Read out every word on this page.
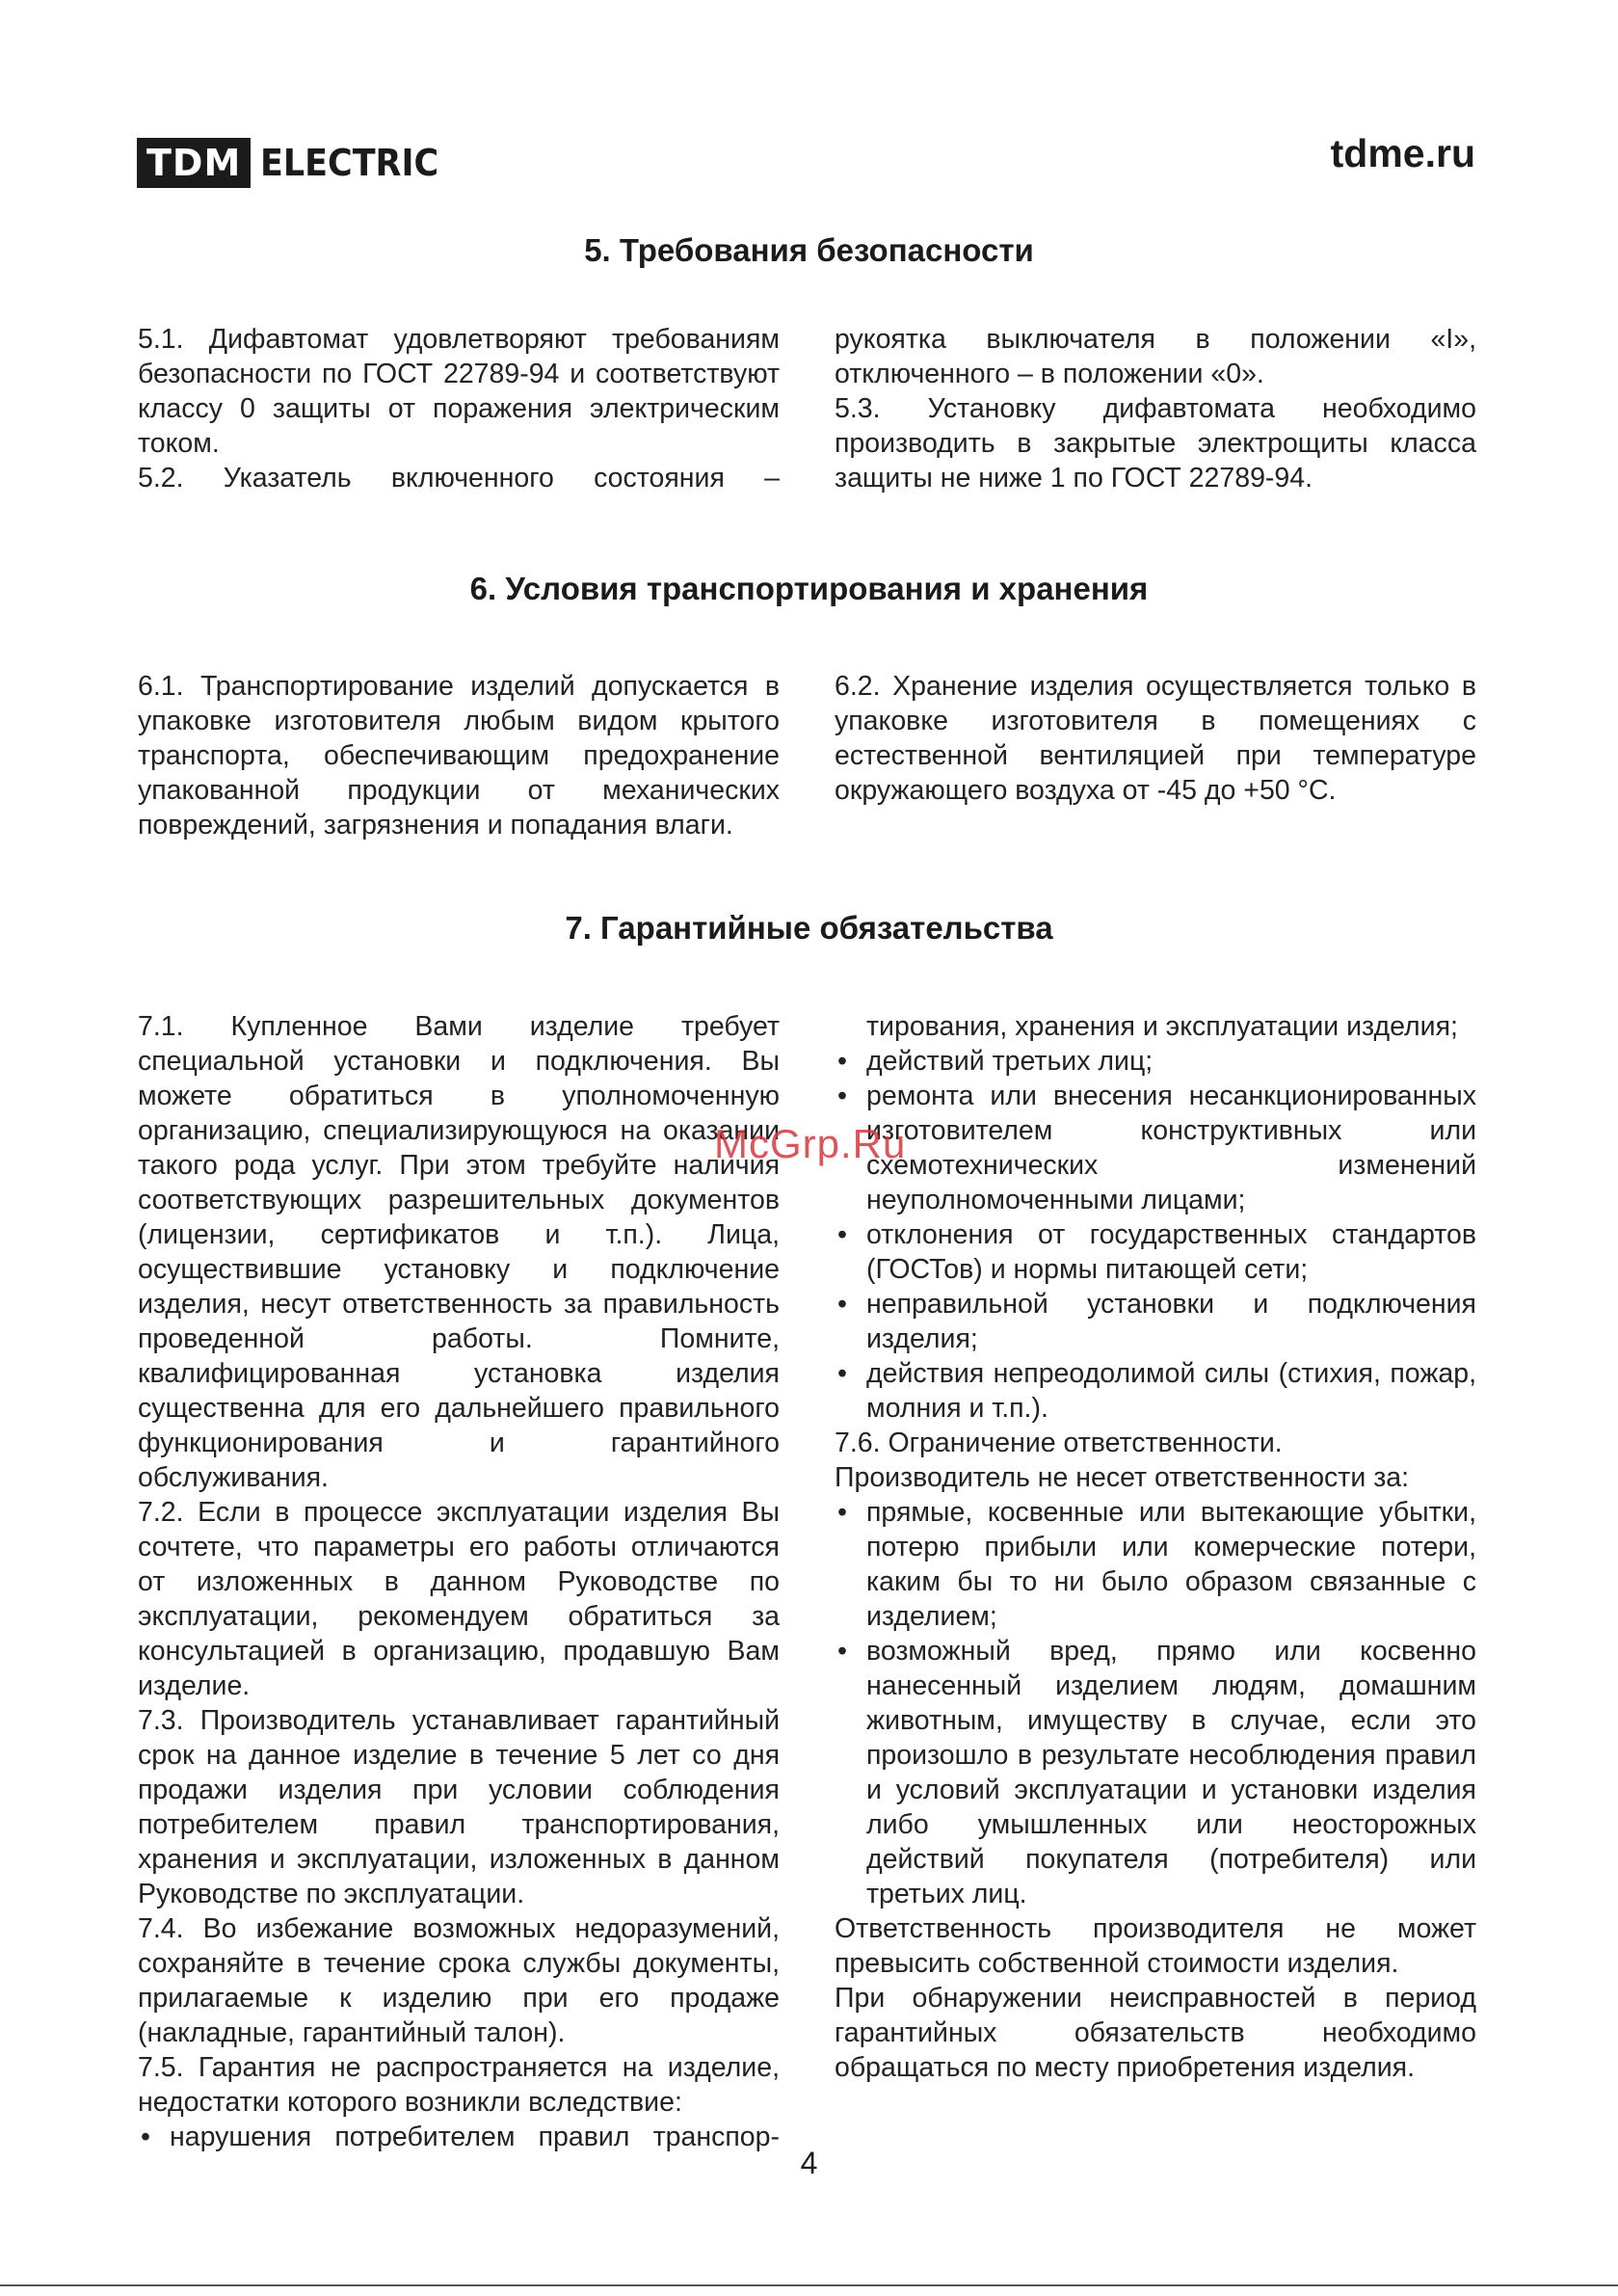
TDM ELECTRIC	tdme.ru
5. Требования безопасности

5.1. Дифавтомат удовлетворяют требованиям безопасности по ГОСТ 22789-94 и соответствуют классу 0 защиты от поражения электрическим током.

5.2. Указатель включенного состояния –

рукоятка выключателя в положении «I», отключенного – в положении «0».

5.3. Установку дифавтомата необходимо производить в закрытые электрощиты класса защиты не ниже 1 по ГОСТ 22789-94.

6. Условия транспортирования и хранения

6.1. Транспортирование изделий допускается в упаковке изготовителя любым видом крытого транспорта, обеспечивающим предохранение упакованной продукции от механических повреждений, загрязнения и попадания влаги.

6.2. Хранение изделия осуществляется только в упаковке изготовителя в помещениях с естественной вентиляцией при температуре окружающего воздуха от -45 до +50 °С.

7. Гарантийные обязательства

7.1. Купленное Вами изделие требует специальной установки и подключения. Вы можете обратиться в уполномоченную организацию, специализирующуюся на оказании такого рода услуг. При этом требуйте наличия соответствующих разрешительных документов (лицензии, сертификатов и т.п.). Лица, осуществившие установку и подключение изделия, несут ответственность за правильность проведенной работы. Помните, квалифицированная установка изделия существенна для его дальнейшего правильного функционирования и гарантийного обслуживания.

7.2. Если в процессе эксплуатации изделия Вы сочтете, что параметры его работы отличаются от изложенных в данном Руководстве по эксплуатации, рекомендуем обратиться за консультацией в организацию, продавшую Вам изделие.

7.3. Производитель устанавливает гарантийный срок на данное изделие в течение 5 лет со дня продажи изделия при условии соблюдения потребителем правил транспортирования, хранения и эксплуатации, изложенных в данном Руководстве по эксплуатации.

7.4. Во избежание возможных недоразумений, сохраняйте в течение срока службы документы, прилагаемые к изделию при его продаже (накладные, гарантийный талон).

7.5. Гарантия не распространяется на изделие, недостатки которого возникли вследствие:

• нарушения потребителем правил транспор-

тирования, хранения и эксплуатации изделия;

• действий третьих лиц;
• ремонта или внесения несанкционированных изготовителем конструктивных или схемотехнических изменений неуполномоченными лицами;
• отклонения от государственных стандартов (ГОСТов) и нормы питающей сети;
• неправильной установки и подключения изделия;
• действия непреодолимой силы (стихия, пожар, молния и т.п.).

7.6. Ограничение ответственности.

Производитель не несет ответственности за:

• прямые, косвенные или вытекающие убытки, потерю прибыли или комерческие потери, каким бы то ни было образом связанные с изделием;
• возможный вред, прямо или косвенно нанесенный изделием людям, домашним животным, имуществу в случае, если это произошло в результате несоблюдения правил и условий эксплуатации и установки изделия либо умышленных или неосторожных действий покупателя (потребителя) или третьих лиц.

Ответственность производителя не может превысить собственной стоимости изделия.

При обнаружении неисправностей в период гарантийных обязательств необходимо обращаться по месту приобретения изделия.

McGrp.Ru
4
